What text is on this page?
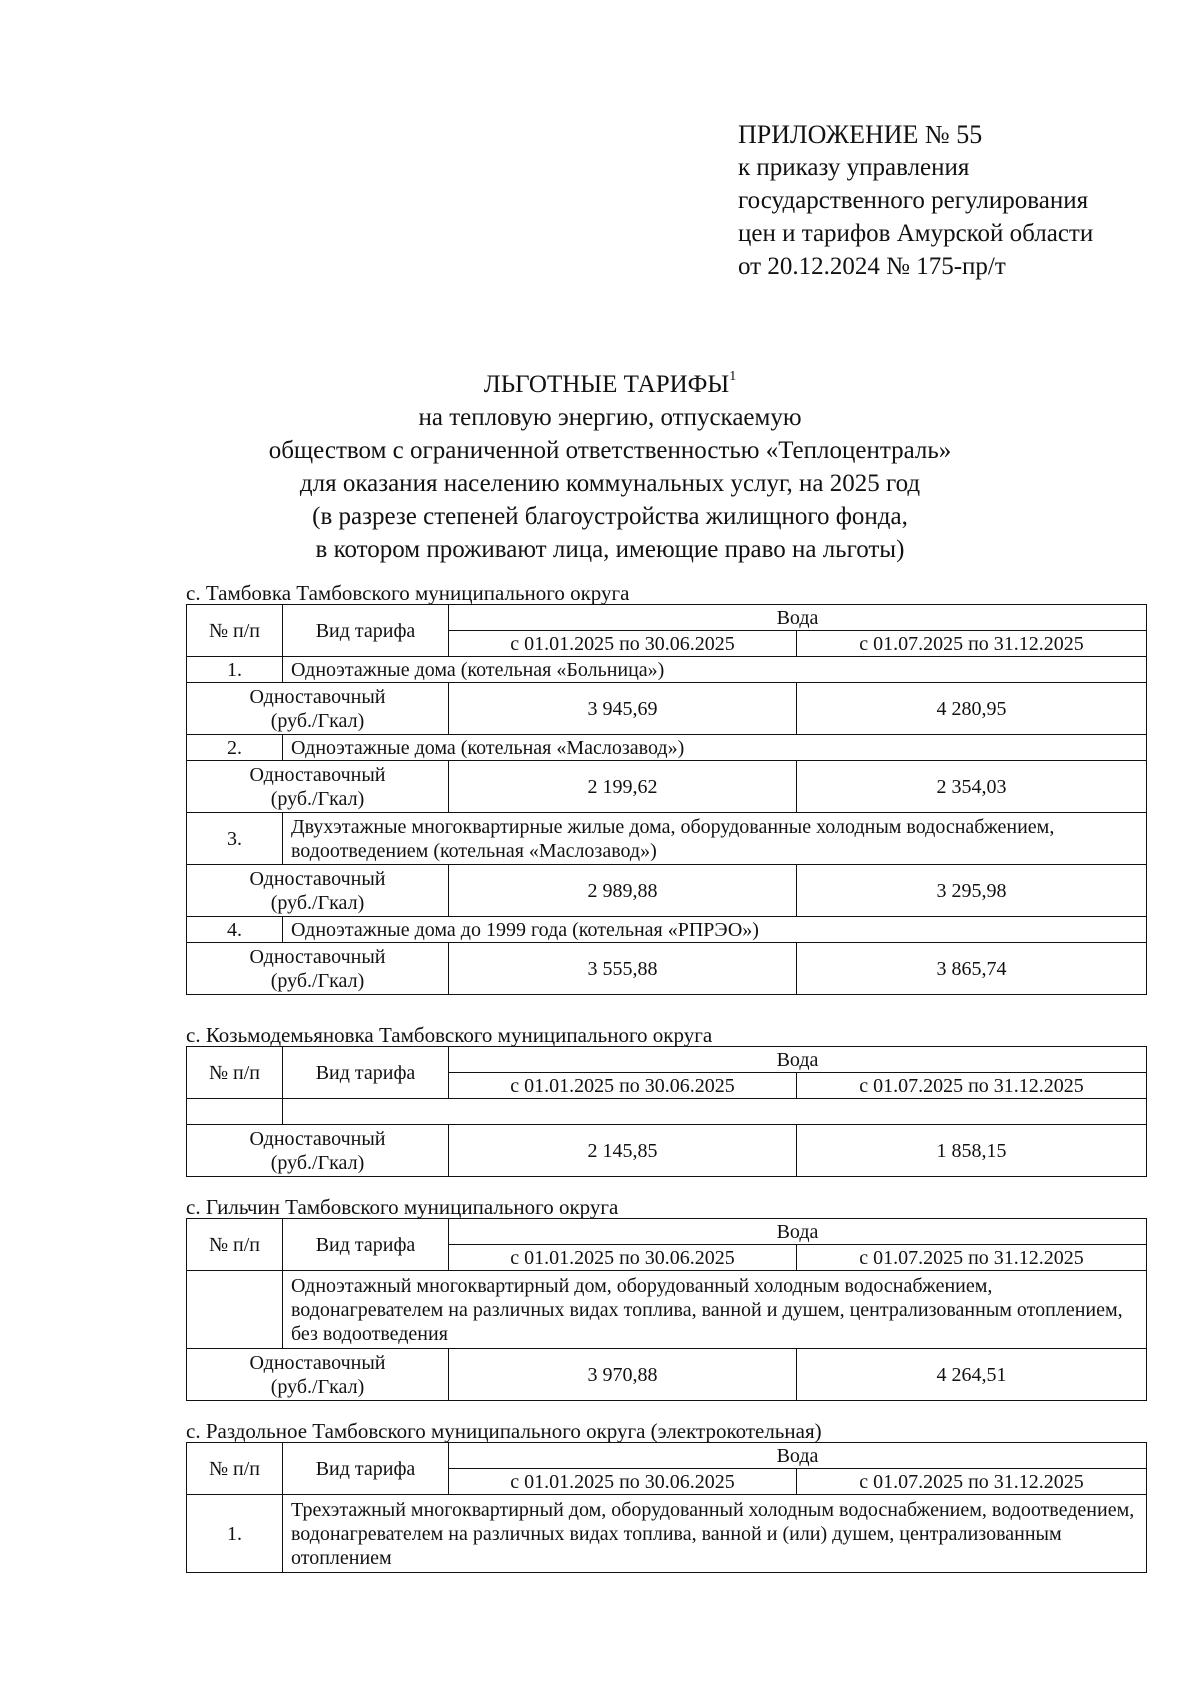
ПРИЛОЖЕНИЕ № 55
к приказу управления
государственного регулирования
цен и тарифов Амурской области
от 20.12.2024 № 175-пр/т
ЛЬГОТНЫЕ ТАРИФЫ$^1$
на тепловую энергию, отпускаемую
обществом с ограниченной ответственностью «Теплоцентраль»
для оказания населению коммунальных услуг, на 2025 год
(в разрезе степеней благоустройства жилищного фонда,
в котором проживают лица, имеющие право на льготы)
с. Тамбовка Тамбовского муниципального округа
№ п/п	Вид тарифа	Вода	
		с 01.01.2025 по 30.06.2025	с 01.07.2025 по 31.12.2025
1.	Одноэтажные дома (котельная «Больница»)		

Одноставочный
(руб./Гкал)		3 945,69	4 280,95
2.	Одноэтажные дома (котельная «Маслозавод»)		

Одноставочный
(руб./Гкал)		2 199,62	2 354,03
3.	Двухэтажные многоквартирные жилые дома, оборудованные холодным водоснабжением, водоотведением (котельная «Маслозавод»)		

Одноставочный
(руб./Гкал)		2 989,88	3 295,98
4.	Одноэтажные дома до 1999 года (котельная «РПРЭО»)		

Одноставочный
(руб./Гкал)		3 555,88	3 865,74
с. Козьмодемьяновка Тамбовского муниципального округа
№ п/п	Вид тарифа	Вода	
		с 01.01.2025 по 30.06.2025	с 01.07.2025 по 31.12.2025

Одноставочный
(руб./Гкал)		2 145,85	1 858,15
с. Гильчин Тамбовского муниципального округа
№ п/п	Вид тарифа	Вода	
		с 01.01.2025 по 30.06.2025	с 01.07.2025 по 31.12.2025
	Одноэтажный многоквартирный дом, оборудованный холодным водоснабжением, водонагревателем на различных видах топлива, ванной и душем, централизованным отоплением, без водоотведения		

Одноставочный
(руб./Гкал)		3 970,88	4 264,51
с. Раздольное Тамбовского муниципального округа (электрокотельная)
№ п/п	Вид тарифа	Вода	
		с 01.01.2025 по 30.06.2025	с 01.07.2025 по 31.12.2025
1.	Трехэтажный многоквартирный дом, оборудованный холодным водоснабжением, водоотведением, водонагревателем на различных видах топлива, ванной и (или) душем, централизованным отоплением		
